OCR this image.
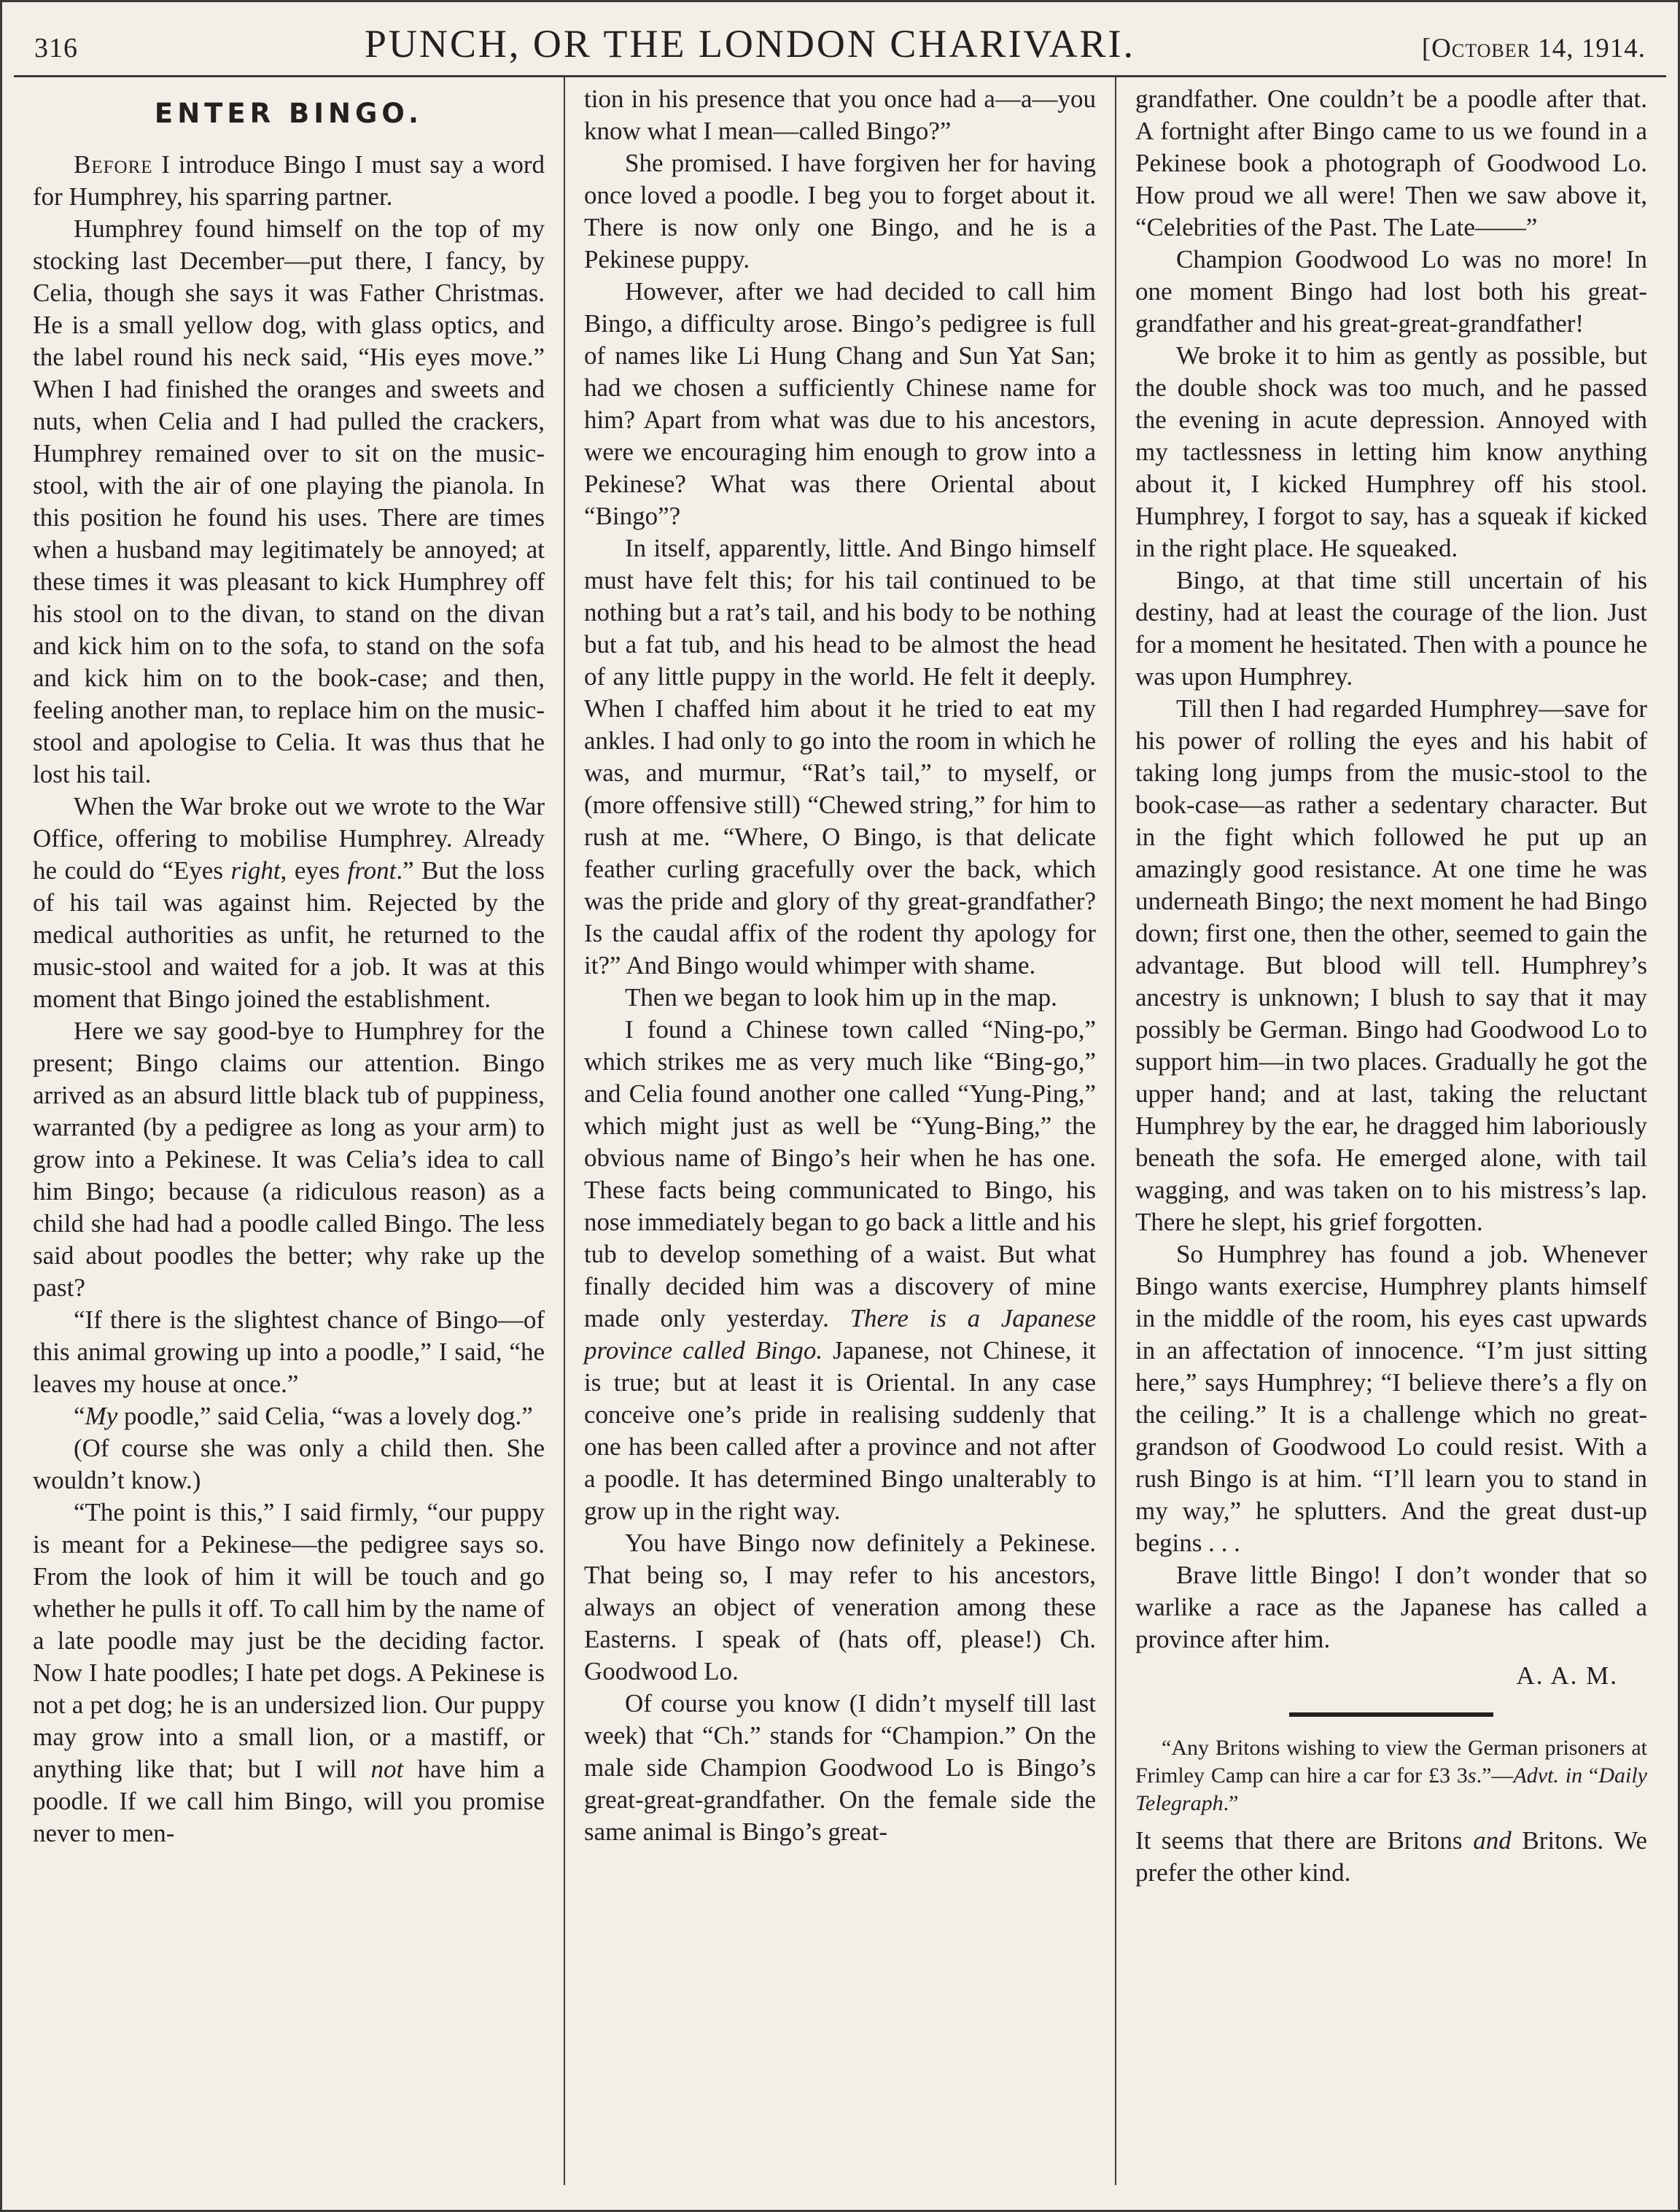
316	PUNCH, OR THE LONDON CHARIVARI.	[October 14, 1914.
ENTER BINGO.

Before I introduce Bingo I must say a word for Humphrey, his sparring partner.

Humphrey found himself on the top of my stocking last December—put there, I fancy, by Celia, though she says it was Father Christmas. He is a small yellow dog, with glass optics, and the label round his neck said, “His eyes move.” When I had finished the oranges and sweets and nuts, when Celia and I had pulled the crackers, Humphrey remained over to sit on the music-stool, with the air of one playing the pianola. In this position he found his uses. There are times when a husband may legitimately be annoyed; at these times it was pleasant to kick Humphrey off his stool on to the divan, to stand on the divan and kick him on to the sofa, to stand on the sofa and kick him on to the book-case; and then, feeling another man, to replace him on the music-stool and apologise to Celia. It was thus that he lost his tail.

When the War broke out we wrote to the War Office, offering to mobilise Humphrey. Already he could do “Eyes right, eyes front.” But the loss of his tail was against him. Rejected by the medical authorities as unfit, he returned to the music-stool and waited for a job. It was at this moment that Bingo joined the establishment.

Here we say good-bye to Humphrey for the present; Bingo claims our attention. Bingo arrived as an absurd little black tub of puppiness, warranted (by a pedigree as long as your arm) to grow into a Pekinese. It was Celia’s idea to call him Bingo; because (a ridiculous reason) as a child she had had a poodle called Bingo. The less said about poodles the better; why rake up the past?

“If there is the slightest chance of Bingo—of this animal growing up into a poodle,” I said, “he leaves my house at once.”

“My poodle,” said Celia, “was a lovely dog.”

(Of course she was only a child then. She wouldn’t know.)

“The point is this,” I said firmly, “our puppy is meant for a Pekinese—the pedigree says so. From the look of him it will be touch and go whether he pulls it off. To call him by the name of a late poodle may just be the deciding factor. Now I hate poodles; I hate pet dogs. A Pekinese is not a pet dog; he is an undersized lion. Our puppy may grow into a small lion, or a mastiff, or anything like that; but I will not have him a poodle. If we call him Bingo, will you promise never to men-

tion in his presence that you once had a—a—you know what I mean—called Bingo?”

She promised. I have forgiven her for having once loved a poodle. I beg you to forget about it. There is now only one Bingo, and he is a Pekinese puppy.

However, after we had decided to call him Bingo, a difficulty arose. Bingo’s pedigree is full of names like Li Hung Chang and Sun Yat San; had we chosen a sufficiently Chinese name for him? Apart from what was due to his ancestors, were we encouraging him enough to grow into a Pekinese? What was there Oriental about “Bingo”?

In itself, apparently, little. And Bingo himself must have felt this; for his tail continued to be nothing but a rat’s tail, and his body to be nothing but a fat tub, and his head to be almost the head of any little puppy in the world. He felt it deeply. When I chaffed him about it he tried to eat my ankles. I had only to go into the room in which he was, and murmur, “Rat’s tail,” to myself, or (more offensive still) “Chewed string,” for him to rush at me. “Where, O Bingo, is that delicate feather curling gracefully over the back, which was the pride and glory of thy great-grandfather? Is the caudal affix of the rodent thy apology for it?” And Bingo would whimper with shame.

Then we began to look him up in the map.

I found a Chinese town called “Ning-po,” which strikes me as very much like “Bing-go,” and Celia found another one called “Yung-Ping,” which might just as well be “Yung-Bing,” the obvious name of Bingo’s heir when he has one. These facts being communicated to Bingo, his nose immediately began to go back a little and his tub to develop something of a waist. But what finally decided him was a discovery of mine made only yesterday. There is a Japanese province called Bingo. Japanese, not Chinese, it is true; but at least it is Oriental. In any case conceive one’s pride in realising suddenly that one has been called after a province and not after a poodle. It has determined Bingo unalterably to grow up in the right way.

You have Bingo now definitely a Pekinese. That being so, I may refer to his ancestors, always an object of veneration among these Easterns. I speak of (hats off, please!) Ch. Goodwood Lo.

Of course you know (I didn’t myself till last week) that “Ch.” stands for “Champion.” On the male side Champion Goodwood Lo is Bingo’s great-great-grandfather. On the female side the same animal is Bingo’s great-

grandfather. One couldn’t be a poodle after that. A fortnight after Bingo came to us we found in a Pekinese book a photograph of Goodwood Lo. How proud we all were! Then we saw above it, “Celebrities of the Past. The Late——”

Champion Goodwood Lo was no more! In one moment Bingo had lost both his great-grandfather and his great-great-grandfather!

We broke it to him as gently as possible, but the double shock was too much, and he passed the evening in acute depression. Annoyed with my tactlessness in letting him know anything about it, I kicked Humphrey off his stool. Humphrey, I forgot to say, has a squeak if kicked in the right place. He squeaked.

Bingo, at that time still uncertain of his destiny, had at least the courage of the lion. Just for a moment he hesitated. Then with a pounce he was upon Humphrey.

Till then I had regarded Humphrey—save for his power of rolling the eyes and his habit of taking long jumps from the music-stool to the book-case—as rather a sedentary character. But in the fight which followed he put up an amazingly good resistance. At one time he was underneath Bingo; the next moment he had Bingo down; first one, then the other, seemed to gain the advantage. But blood will tell. Humphrey’s ancestry is unknown; I blush to say that it may possibly be German. Bingo had Goodwood Lo to support him—in two places. Gradually he got the upper hand; and at last, taking the reluctant Humphrey by the ear, he dragged him laboriously beneath the sofa. He emerged alone, with tail wagging, and was taken on to his mistress’s lap. There he slept, his grief forgotten.

So Humphrey has found a job. Whenever Bingo wants exercise, Humphrey plants himself in the middle of the room, his eyes cast upwards in an affectation of innocence. “I’m just sitting here,” says Humphrey; “I believe there’s a fly on the ceiling.” It is a challenge which no great-grandson of Goodwood Lo could resist. With a rush Bingo is at him. “I’ll learn you to stand in my way,” he splutters. And the great dust-up begins . . .

Brave little Bingo! I don’t wonder that so warlike a race as the Japanese has called a province after him.

A. A. M.

“Any Britons wishing to view the German prisoners at Frimley Camp can hire a car for £3 3s.”—Advt. in “Daily Telegraph.”

It seems that there are Britons and Britons. We prefer the other kind.
